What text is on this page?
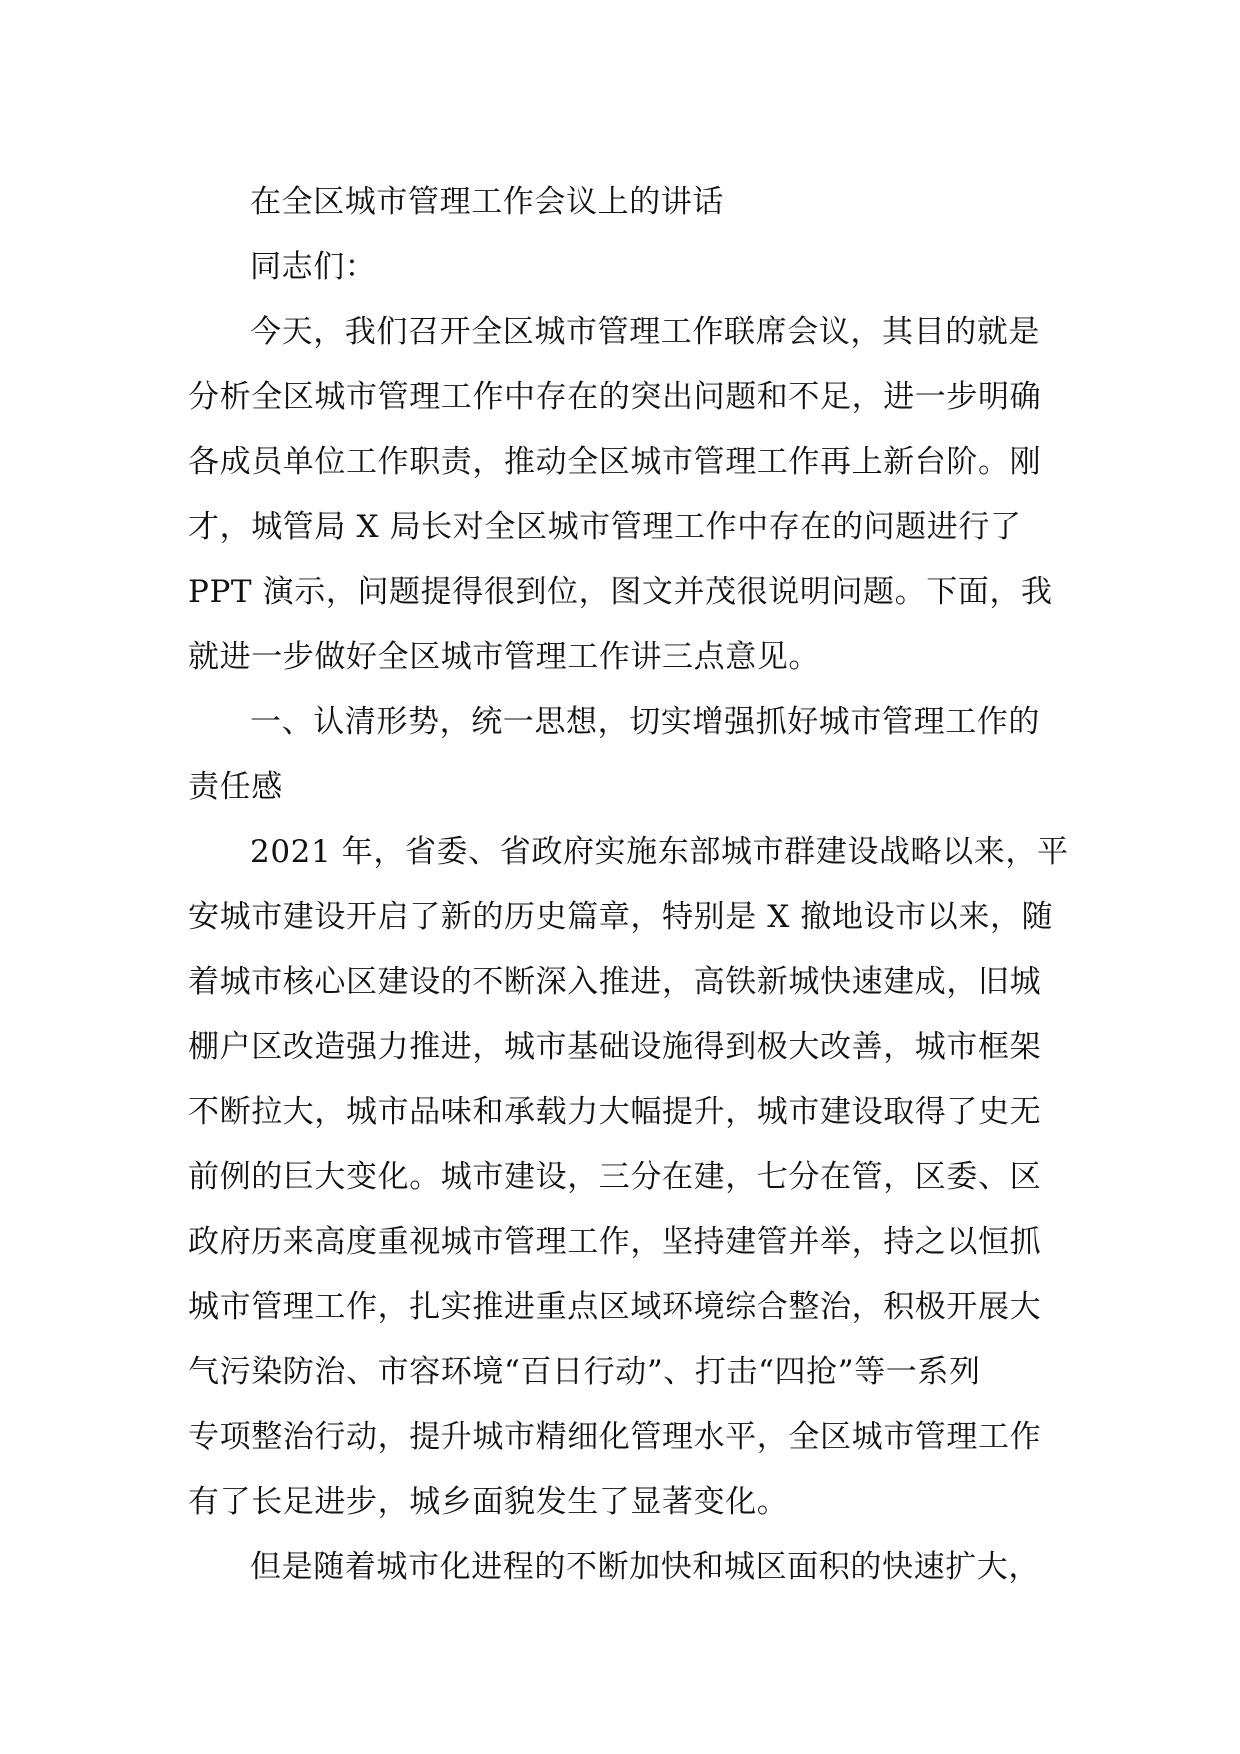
在全区城市管理工作会议上的讲话
同志们：
今天，我们召开全区城市管理工作联席会议，其目的就是
分析全区城市管理工作中存在的突出问题和不足，进一步明确
各成员单位工作职责，推动全区城市管理工作再上新台阶。刚
才，城管局 X 局长对全区城市管理工作中存在的问题进行了
PPT 演示，问题提得很到位，图文并茂很说明问题。下面，我
就进一步做好全区城市管理工作讲三点意见。
一、认清形势，统一思想，切实增强抓好城市管理工作的
责任感
2021 年，省委、省政府实施东部城市群建设战略以来，平
安城市建设开启了新的历史篇章，特别是 X 撤地设市以来，随
着城市核心区建设的不断深入推进，高铁新城快速建成，旧城
棚户区改造强力推进，城市基础设施得到极大改善，城市框架
不断拉大，城市品味和承载力大幅提升，城市建设取得了史无
前例的巨大变化。城市建设，三分在建，七分在管，区委、区
政府历来高度重视城市管理工作，坚持建管并举，持之以恒抓
城市管理工作，扎实推进重点区域环境综合整治，积极开展大
气污染防治、市容环境“百日行动”、打击“四抢”等一系列
专项整治行动，提升城市精细化管理水平，全区城市管理工作
有了长足进步，城乡面貌发生了显著变化。
但是随着城市化进程的不断加快和城区面积的快速扩大，
